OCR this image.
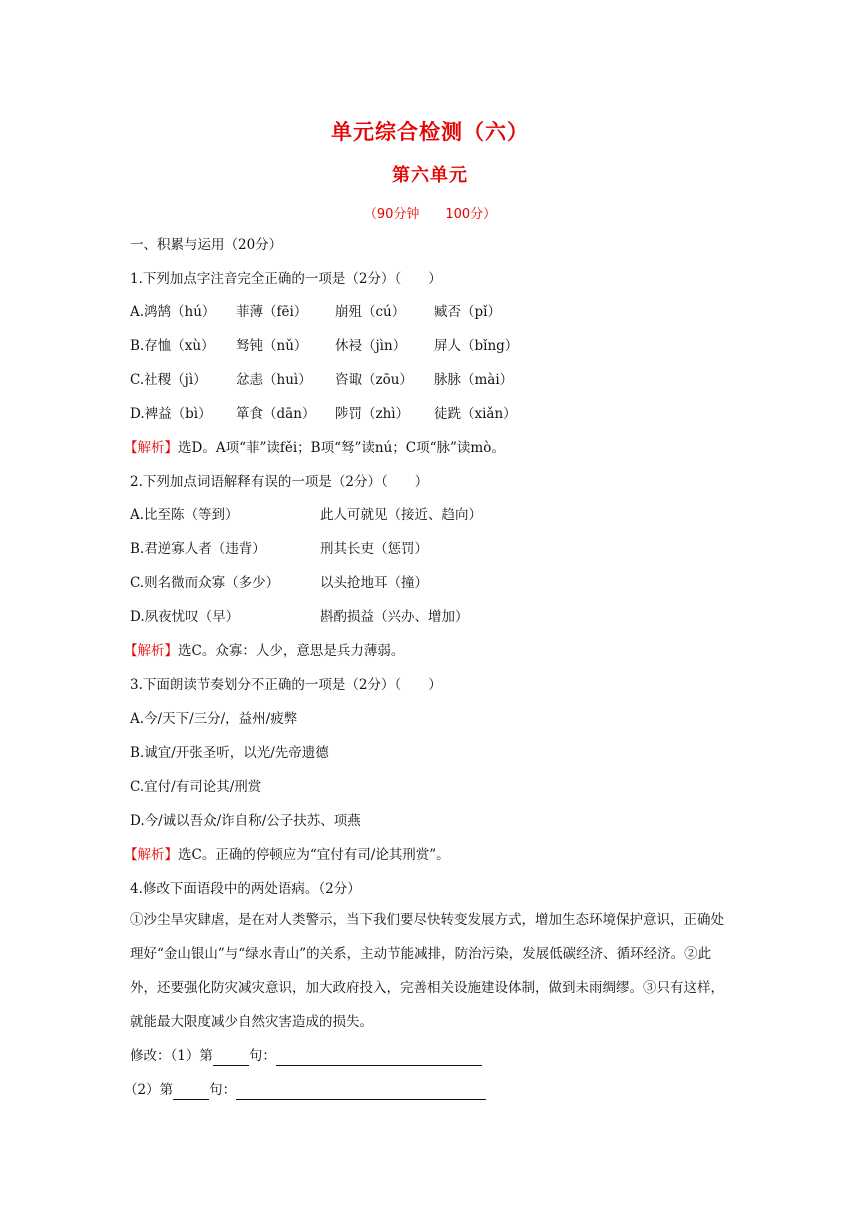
单元综合检测（六）
第六单元
（90分钟　　100分）
一、积累与运用（20分）
1.下列加点字注音完全正确的一项是（2分）（　　）
A.鸿鹄（hú） 菲薄（fēi） 崩殂（cú） 臧否（pǐ）
B.存恤（xù） 驽钝（nǔ） 休祲（jìn） 屏人（bǐng）
C.社稷（jì） 忿恚（huì） 咨诹（zōu） 脉脉（mài）
D.裨益（bì） 箪食（dān） 陟罚（zhì） 徒跣（xiǎn）
【解析】选D。A项“菲”读fěi；B项“驽”读nú；C项“脉”读mò。
2.下列加点词语解释有误的一项是（2分）（　　）
A.比至陈（等到）	此人可就见（接近、趋向）
B.君逆寡人者（违背）	刑其长吏（惩罚）
C.则名微而众寡（多少）	以头抢地耳（撞）
D.夙夜忧叹（早）	斟酌损益（兴办、增加）
【解析】选C。众寡：人少，意思是兵力薄弱。
3.下面朗读节奏划分不正确的一项是（2分）（　　）
A.今/天下/三分/，益州/疲弊
B.诚宜/开张圣听，以光/先帝遗德
C.宜付/有司论其/刑赏
D.今/诚以吾众/诈自称/公子扶苏、项燕
【解析】选C。正确的停顿应为“宜付有司/论其刑赏”。
4.修改下面语段中的两处语病。（2分）
①沙尘旱灾肆虐，是在对人类警示，当下我们要尽快转变发展方式，增加生态环境保护意识，正确处理好“金山银山”与“绿水青山”的关系，主动节能减排，防治污染，发展低碳经济、循环经济。②此外，还要强化防灾减灾意识，加大政府投入，完善相关设施建设体制，做到未雨绸缪。③只有这样，就能最大限度减少自然灾害造成的损失。
修改：（1）第	句：
（2）第	句：
